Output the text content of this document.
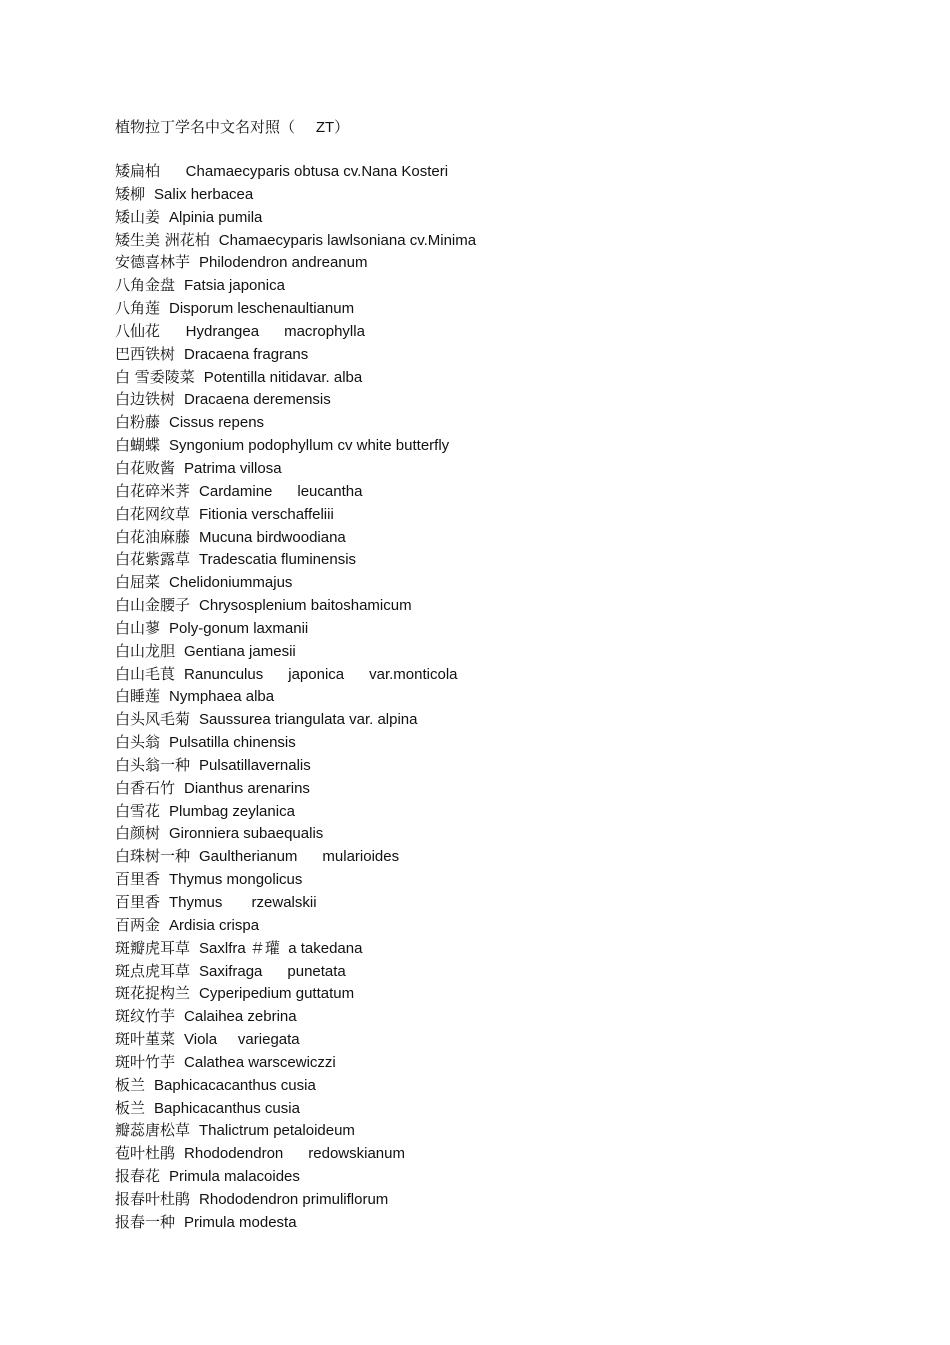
植物拉丁学名中文名对照（     ZT）
矮扁柏    Chamaecyparis obtusa cv.Nana Kosteri
矮柳 Salix herbacea
矮山姜 Alpinia pumila
矮生美 洲花柏 Chamaecyparis lawlsoniana cv.Minima
安德喜林芋 Philodendron andreanum
八角金盘 Fatsia japonica
八角莲 Disporum leschenaultianum
八仙花    Hydrangea      macrophylla
巴西铁树 Dracaena fragrans
白 雪委陵菜 Potentilla nitidavar. alba
白边铁树 Dracaena deremensis
白粉藤 Cissus repens
白蝴蝶 Syngonium podophyllum cv white butterfly
白花败酱 Patrima villosa
白花碎米荠 Cardamine      leucantha
白花网纹草 Fitionia verschaffeliii
白花油麻藤 Mucuna birdwoodiana
白花紫露草 Tradescatia fluminensis
白屈菜 Chelidoniummajus
白山金腰子 Chrysosplenium baitoshamicum
白山蓼 Poly-gonum laxmanii
白山龙胆 Gentiana jamesii
白山毛茛 Ranunculus      japonica      var.monticola
白睡莲 Nymphaea alba
白头风毛菊 Saussurea triangulata var. alpina
白头翁 Pulsatilla chinensis
白头翁一种 Pulsatillavernalis
白香石竹 Dianthus arenarins
白雪花 Plumbag zeylanica
白颜树 Gironniera subaequalis
白珠树一种 Gaultherianum      mularioides
百里香 Thymus mongolicus
百里香 Thymus       rzewalskii
百两金 Ardisia crispa
斑瓣虎耳草 Saxlfra ＃瓘  a takedana
斑点虎耳草 Saxifraga      punetata
斑花捉构兰 Cyperipedium guttatum
斑纹竹芋 Calaihea zebrina
斑叶堇菜 Viola     variegata
斑叶竹芋 Calathea warscewiczzi
板兰 Baphicacacanthus cusia
板兰 Baphicacanthus cusia
瓣蕊唐松草 Thalictrum petaloideum
苞叶杜鹃 Rhododendron      redowskianum
报春花 Primula malacoides
报春叶杜鹃 Rhododendron primuliflorum
报春一种 Primula modesta
